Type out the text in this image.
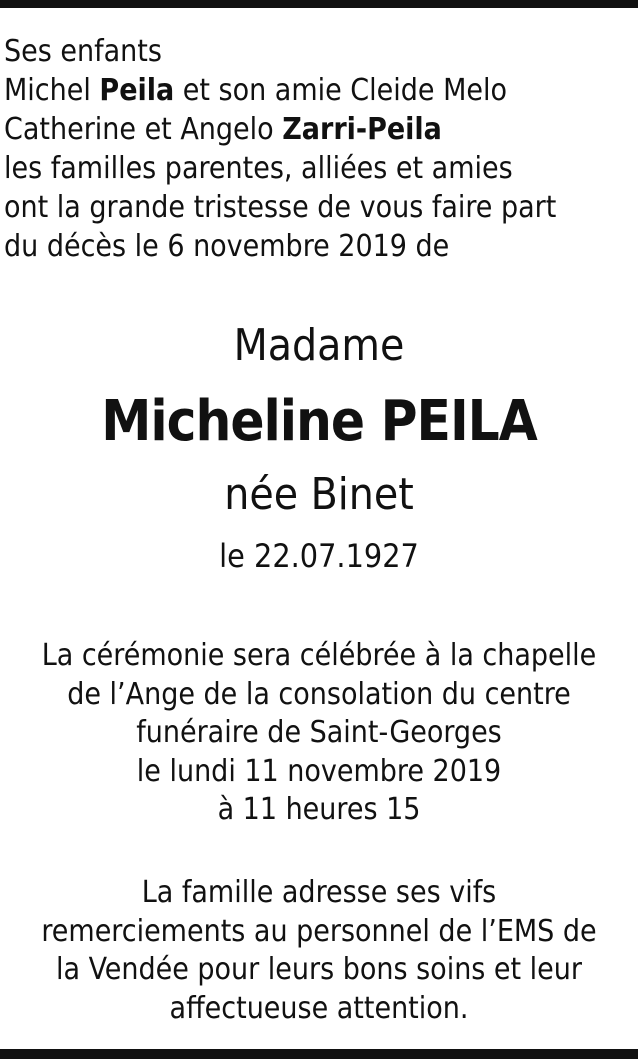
Ses enfants
Michel Peila et son amie Cleide Melo
Catherine et Angelo Zarri-Peila
les familles parentes, alliées et amies
ont la grande tristesse de vous faire part
du décès le 6 novembre 2019 de
Madame
Micheline PEILA
née Binet
le 22.07.1927
La cérémonie sera célébrée à la chapelle
de l’Ange de la consolation du centre
funéraire de Saint-Georges
le lundi 11 novembre 2019
à 11 heures 15
La famille adresse ses vifs
remerciements au personnel de l’EMS de
la Vendée pour leurs bons soins et leur
affectueuse attention.
